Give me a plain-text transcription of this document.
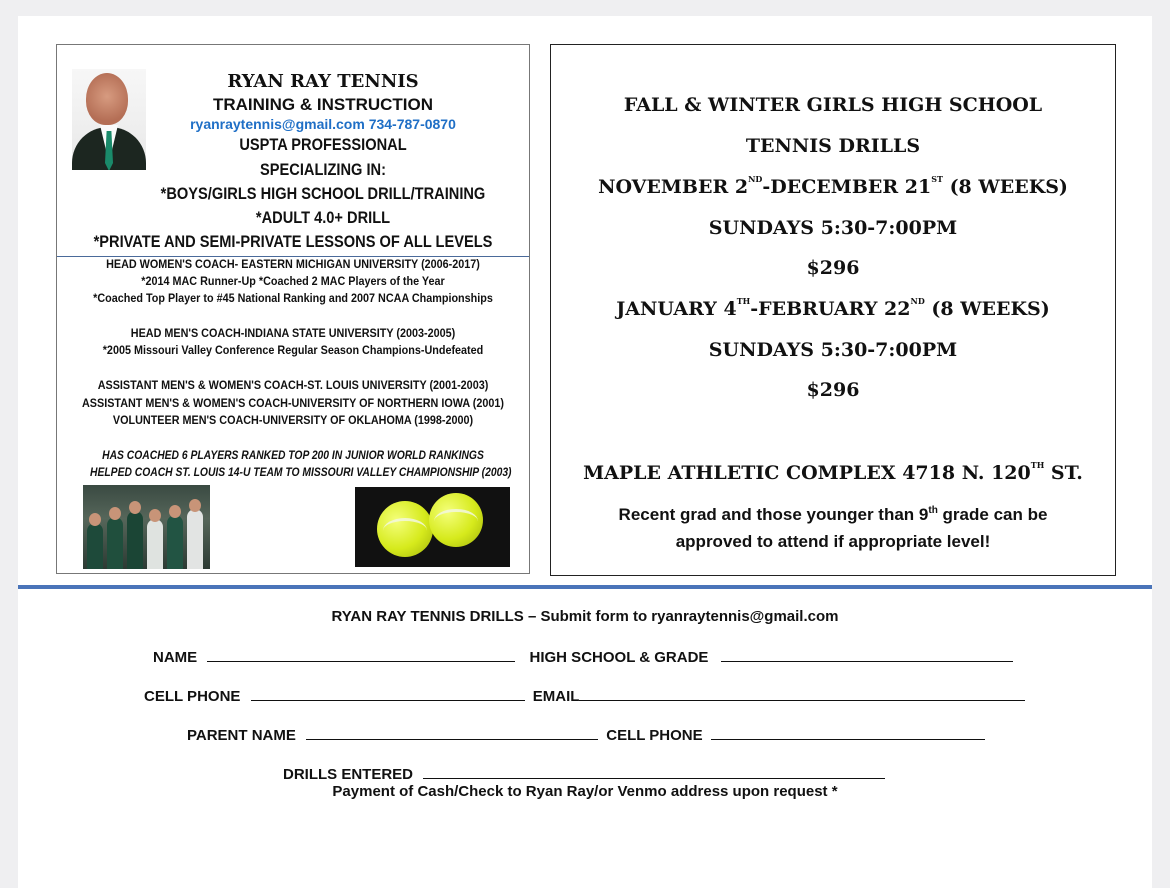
RYAN RAY TENNIS
TRAINING & INSTRUCTION
ryanraytennis@gmail.com 734-787-0870
USPTA PROFESSIONAL
SPECIALIZING IN:
*BOYS/GIRLS HIGH SCHOOL DRILL/TRAINING
*ADULT 4.0+ DRILL
*PRIVATE AND SEMI-PRIVATE LESSONS OF ALL LEVELS
HEAD WOMEN'S COACH- EASTERN MICHIGAN UNIVERSITY (2006-2017)
*2014 MAC Runner-Up *Coached 2 MAC Players of the Year
*Coached Top Player to #45 National Ranking and 2007 NCAA Championships
HEAD MEN'S COACH-INDIANA STATE UNIVERSITY (2003-2005)
*2005 Missouri Valley Conference Regular Season Champions-Undefeated
ASSISTANT MEN'S & WOMEN'S COACH-ST. LOUIS UNIVERSITY (2001-2003)
ASSISTANT MEN'S & WOMEN'S COACH-UNIVERSITY OF NORTHERN IOWA (2001)
VOLUNTEER MEN'S COACH-UNIVERSITY OF OKLAHOMA (1998-2000)
HAS COACHED 6 PLAYERS RANKED TOP 200 IN JUNIOR WORLD RANKINGS
HELPED COACH ST. LOUIS 14-U TEAM TO MISSOURI VALLEY CHAMPIONSHIP (2003)
FALL & WINTER GIRLS HIGH SCHOOL
TENNIS DRILLS
NOVEMBER 2ND-DECEMBER 21ST (8 WEEKS)
SUNDAYS 5:30-7:00PM
$296
JANUARY 4TH-FEBRUARY 22ND (8 WEEKS)
SUNDAYS 5:30-7:00PM
$296
MAPLE ATHLETIC COMPLEX 4718 N. 120TH ST.
Recent grad and those younger than 9th grade can be
approved to attend if appropriate level!
RYAN RAY TENNIS DRILLS – Submit form to ryanraytennis@gmail.com
NAME	HIGH SCHOOL & GRADE
CELL PHONE	EMAIL
PARENT NAME	CELL PHONE
DRILLS ENTERED
Payment of Cash/Check to Ryan Ray/or Venmo address upon request *
